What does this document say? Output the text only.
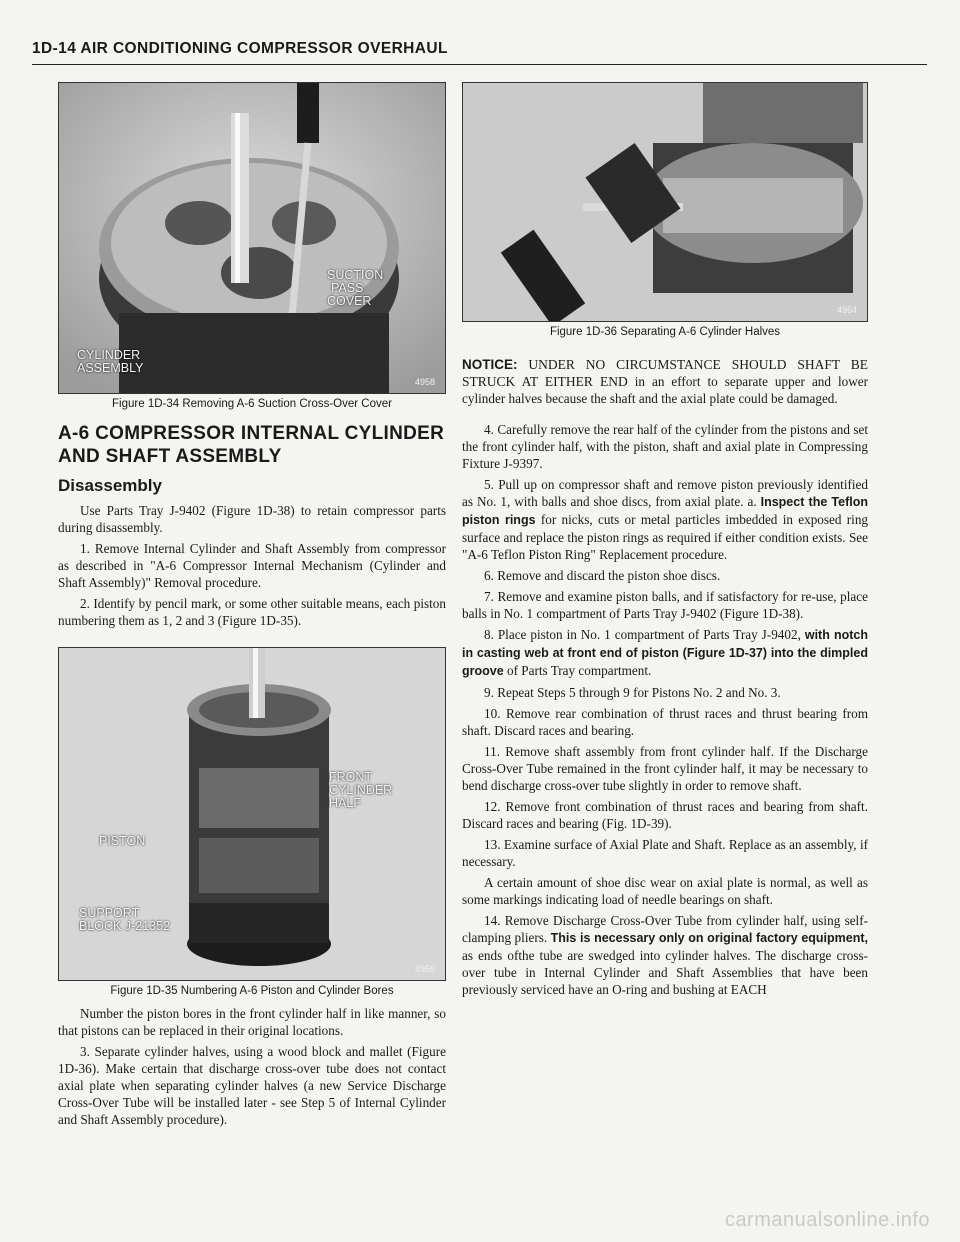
1D-14 AIR CONDITIONING COMPRESSOR OVERHAUL
SUCTION
PASS
COVER
CYLINDER
ASSEMBLY
4958
Figure 1D-34 Removing A-6 Suction Cross-Over Cover
A-6 COMPRESSOR INTERNAL CYLINDER AND SHAFT ASSEMBLY
Disassembly

Use Parts Tray J-9402 (Figure 1D-38) to retain compressor parts during disassembly.

1. Remove Internal Cylinder and Shaft Assembly from compressor as described in "A-6 Compressor Internal Mechanism (Cylinder and Shaft Assembly)" Removal procedure.

2. Identify by pencil mark, or some other suitable means, each piston numbering them as 1, 2 and 3 (Figure 1D-35).

FRONT
CYLINDER
HALF
PISTON
SUPPORT
BLOCK J-21352
4956
Figure 1D-35 Numbering A-6 Piston and Cylinder Bores

Number the piston bores in the front cylinder half in like manner, so that pistons can be replaced in their original locations.

3. Separate cylinder halves, using a wood block and mallet (Figure 1D-36). Make certain that discharge cross-over tube does not contact axial plate when separating cylinder halves (a new Service Discharge Cross-Over Tube will be installed later - see Step 5 of Internal Cylinder and Shaft Assembly procedure).

4964
Figure 1D-36 Separating A-6 Cylinder Halves

NOTICE: UNDER NO CIRCUMSTANCE SHOULD SHAFT BE STRUCK AT EITHER END in an effort to separate upper and lower cylinder halves because the shaft and the axial plate could be damaged.

4. Carefully remove the rear half of the cylinder from the pistons and set the front cylinder half, with the piston, shaft and axial plate in Compressing Fixture J-9397.

5. Pull up on compressor shaft and remove piston previously identified as No. 1, with balls and shoe discs, from axial plate. a. Inspect the Teflon piston rings for nicks, cuts or metal particles imbedded in exposed ring surface and replace the piston rings as required if either condition exists. See "A-6 Teflon Piston Ring" Replacement procedure.

6. Remove and discard the piston shoe discs.

7. Remove and examine piston balls, and if satisfactory for re-use, place balls in No. 1 compartment of Parts Tray J-9402 (Figure 1D-38).

8. Place piston in No. 1 compartment of Parts Tray J-9402, with notch in casting web at front end of piston (Figure 1D-37) into the dimpled groove of Parts Tray compartment.

9. Repeat Steps 5 through 9 for Pistons No. 2 and No. 3.

10. Remove rear combination of thrust races and thrust bearing from shaft. Discard races and bearing.

11. Remove shaft assembly from front cylinder half. If the Discharge Cross-Over Tube remained in the front cylinder half, it may be necessary to bend discharge cross-over tube slightly in order to remove shaft.

12. Remove front combination of thrust races and bearing from shaft. Discard races and bearing (Fig. 1D-39).

13. Examine surface of Axial Plate and Shaft. Replace as an assembly, if necessary.

A certain amount of shoe disc wear on axial plate is normal, as well as some markings indicating load of needle bearings on shaft.

14. Remove Discharge Cross-Over Tube from cylinder half, using self-clamping pliers. This is necessary only on original factory equipment, as ends ofthe tube are swedged into cylinder halves. The discharge cross-over tube in Internal Cylinder and Shaft Assemblies that have been previously serviced have an O-ring and bushing at EACH

carmanualsonline.info
